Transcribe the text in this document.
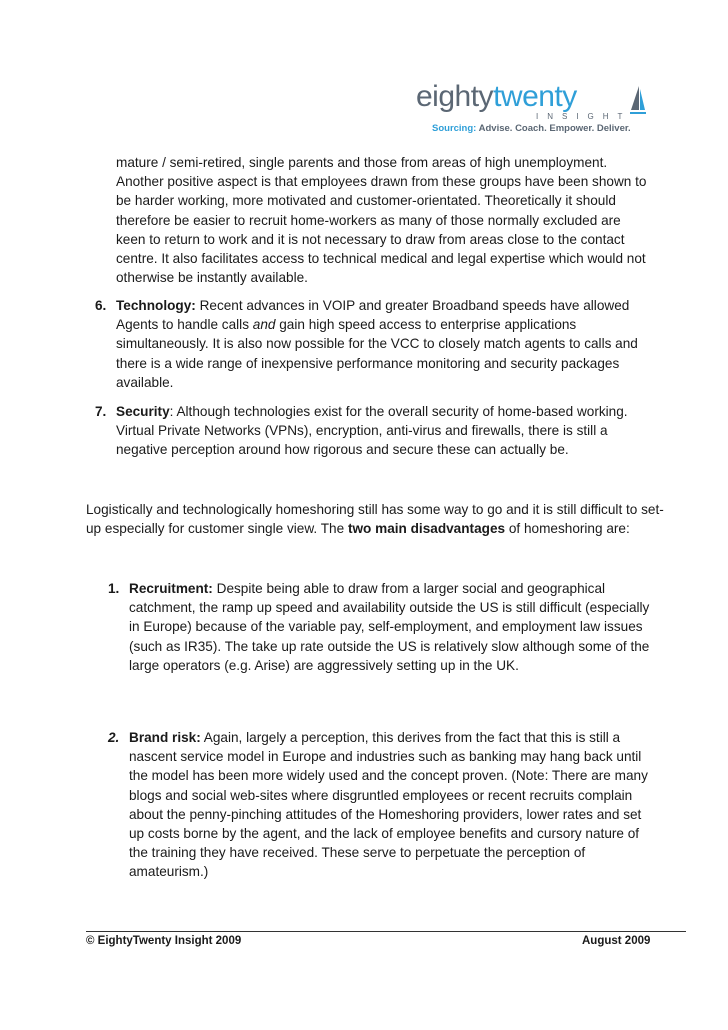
eightytwenty
INSIGHT
Sourcing: Advise. Coach. Empower. Deliver.

mature / semi-retired, single parents and those from areas of high unemployment. Another positive aspect is that employees drawn from these groups have been shown to be harder working, more motivated and customer-orientated. Theoretically it should therefore be easier to recruit home-workers as many of those normally excluded are keen to return to work and it is not necessary to draw from areas close to the contact centre. It also facilitates access to technical medical and legal expertise which would not otherwise be instantly available.

6. Technology: Recent advances in VOIP and greater Broadband speeds have allowed Agents to handle calls and gain high speed access to enterprise applications simultaneously. It is also now possible for the VCC to closely match agents to calls and there is a wide range of inexpensive performance monitoring and security packages available.
7. Security: Although technologies exist for the overall security of home-based working. Virtual Private Networks (VPNs), encryption, anti-virus and firewalls, there is still a negative perception around how rigorous and secure these can actually be.

Logistically and technologically homeshoring still has some way to go and it is still difficult to set-up especially for customer single view. The two main disadvantages of homeshoring are:

1. Recruitment: Despite being able to draw from a larger social and geographical catchment, the ramp up speed and availability outside the US is still difficult (especially in Europe) because of the variable pay, self-employment, and employment law issues (such as IR35). The take up rate outside the US is relatively slow although some of the large operators (e.g. Arise) are aggressively setting up in the UK.
2. Brand risk: Again, largely a perception, this derives from the fact that this is still a nascent service model in Europe and industries such as banking may hang back until the model has been more widely used and the concept proven. (Note: There are many blogs and social web-sites where disgruntled employees or recent recruits complain about the penny-pinching attitudes of the Homeshoring providers, lower rates and set up costs borne by the agent, and the lack of employee benefits and cursory nature of the training they have received. These serve to perpetuate the perception of amateurism.)
© EightyTwenty Insight 2009	August 2009
